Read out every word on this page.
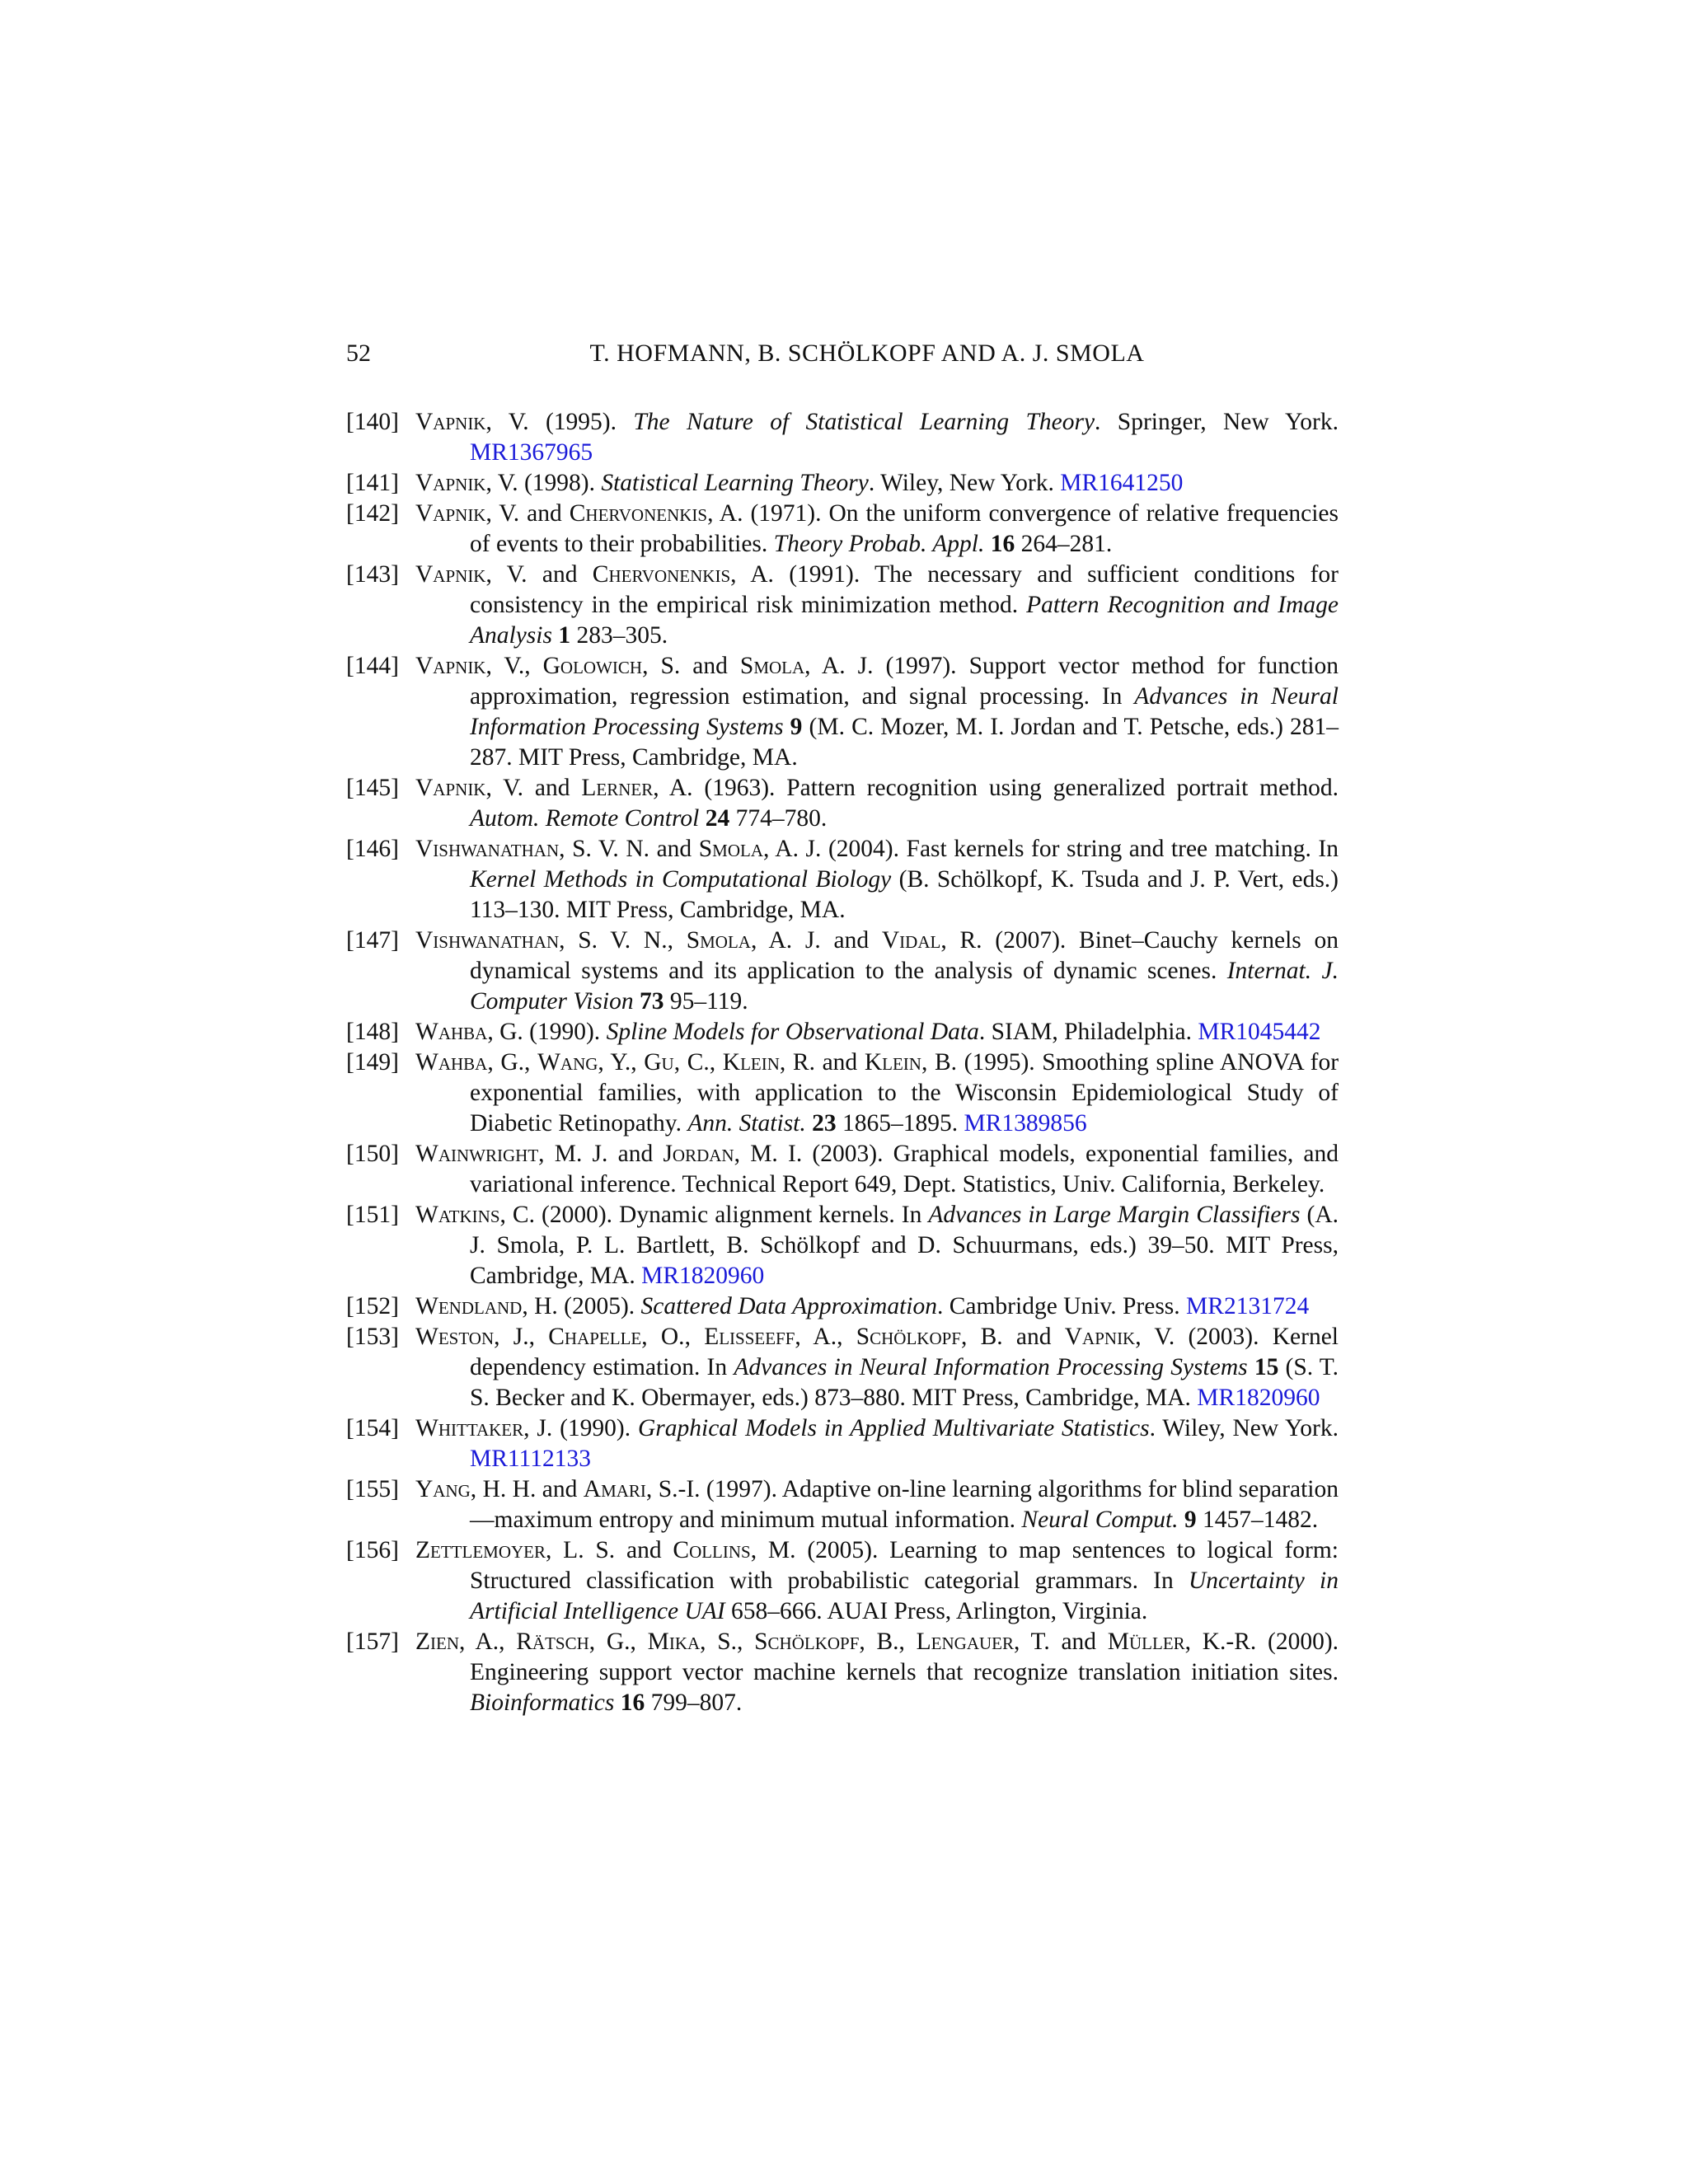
52	T. HOFMANN, B. SCHÖLKOPF AND A. J. SMOLA
[140] Vapnik, V. (1995). The Nature of Statistical Learning Theory. Springer, New York. MR1367965
[141] Vapnik, V. (1998). Statistical Learning Theory. Wiley, New York. MR1641250
[142] Vapnik, V. and Chervonenkis, A. (1971). On the uniform convergence of relative frequencies of events to their probabilities. Theory Probab. Appl. 16 264–281.
[143] Vapnik, V. and Chervonenkis, A. (1991). The necessary and sufficient conditions for consistency in the empirical risk minimization method. Pattern Recognition and Image Analysis 1 283–305.
[144] Vapnik, V., Golowich, S. and Smola, A. J. (1997). Support vector method for function approximation, regression estimation, and signal processing. In Advances in Neural Information Processing Systems 9 (M. C. Mozer, M. I. Jordan and T. Petsche, eds.) 281–287. MIT Press, Cambridge, MA.
[145] Vapnik, V. and Lerner, A. (1963). Pattern recognition using generalized portrait method. Autom. Remote Control 24 774–780.
[146] Vishwanathan, S. V. N. and Smola, A. J. (2004). Fast kernels for string and tree matching. In Kernel Methods in Computational Biology (B. Schölkopf, K. Tsuda and J. P. Vert, eds.) 113–130. MIT Press, Cambridge, MA.
[147] Vishwanathan, S. V. N., Smola, A. J. and Vidal, R. (2007). Binet–Cauchy kernels on dynamical systems and its application to the analysis of dynamic scenes. Internat. J. Computer Vision 73 95–119.
[148] Wahba, G. (1990). Spline Models for Observational Data. SIAM, Philadelphia. MR1045442
[149] Wahba, G., Wang, Y., Gu, C., Klein, R. and Klein, B. (1995). Smoothing spline ANOVA for exponential families, with application to the Wisconsin Epidemiological Study of Diabetic Retinopathy. Ann. Statist. 23 1865–1895. MR1389856
[150] Wainwright, M. J. and Jordan, M. I. (2003). Graphical models, exponential families, and variational inference. Technical Report 649, Dept. Statistics, Univ. California, Berkeley.
[151] Watkins, C. (2000). Dynamic alignment kernels. In Advances in Large Margin Classifiers (A. J. Smola, P. L. Bartlett, B. Schölkopf and D. Schuurmans, eds.) 39–50. MIT Press, Cambridge, MA. MR1820960
[152] Wendland, H. (2005). Scattered Data Approximation. Cambridge Univ. Press. MR2131724
[153] Weston, J., Chapelle, O., Elisseeff, A., Schölkopf, B. and Vapnik, V. (2003). Kernel dependency estimation. In Advances in Neural Information Processing Systems 15 (S. T. S. Becker and K. Obermayer, eds.) 873–880. MIT Press, Cambridge, MA. MR1820960
[154] Whittaker, J. (1990). Graphical Models in Applied Multivariate Statistics. Wiley, New York. MR1112133
[155] Yang, H. H. and Amari, S.-I. (1997). Adaptive on-line learning algorithms for blind separation—maximum entropy and minimum mutual information. Neural Comput. 9 1457–1482.
[156] Zettlemoyer, L. S. and Collins, M. (2005). Learning to map sentences to logical form: Structured classification with probabilistic categorial grammars. In Uncertainty in Artificial Intelligence UAI 658–666. AUAI Press, Arlington, Virginia.
[157] Zien, A., Rätsch, G., Mika, S., Schölkopf, B., Lengauer, T. and Müller, K.-R. (2000). Engineering support vector machine kernels that recognize translation initiation sites. Bioinformatics 16 799–807.
